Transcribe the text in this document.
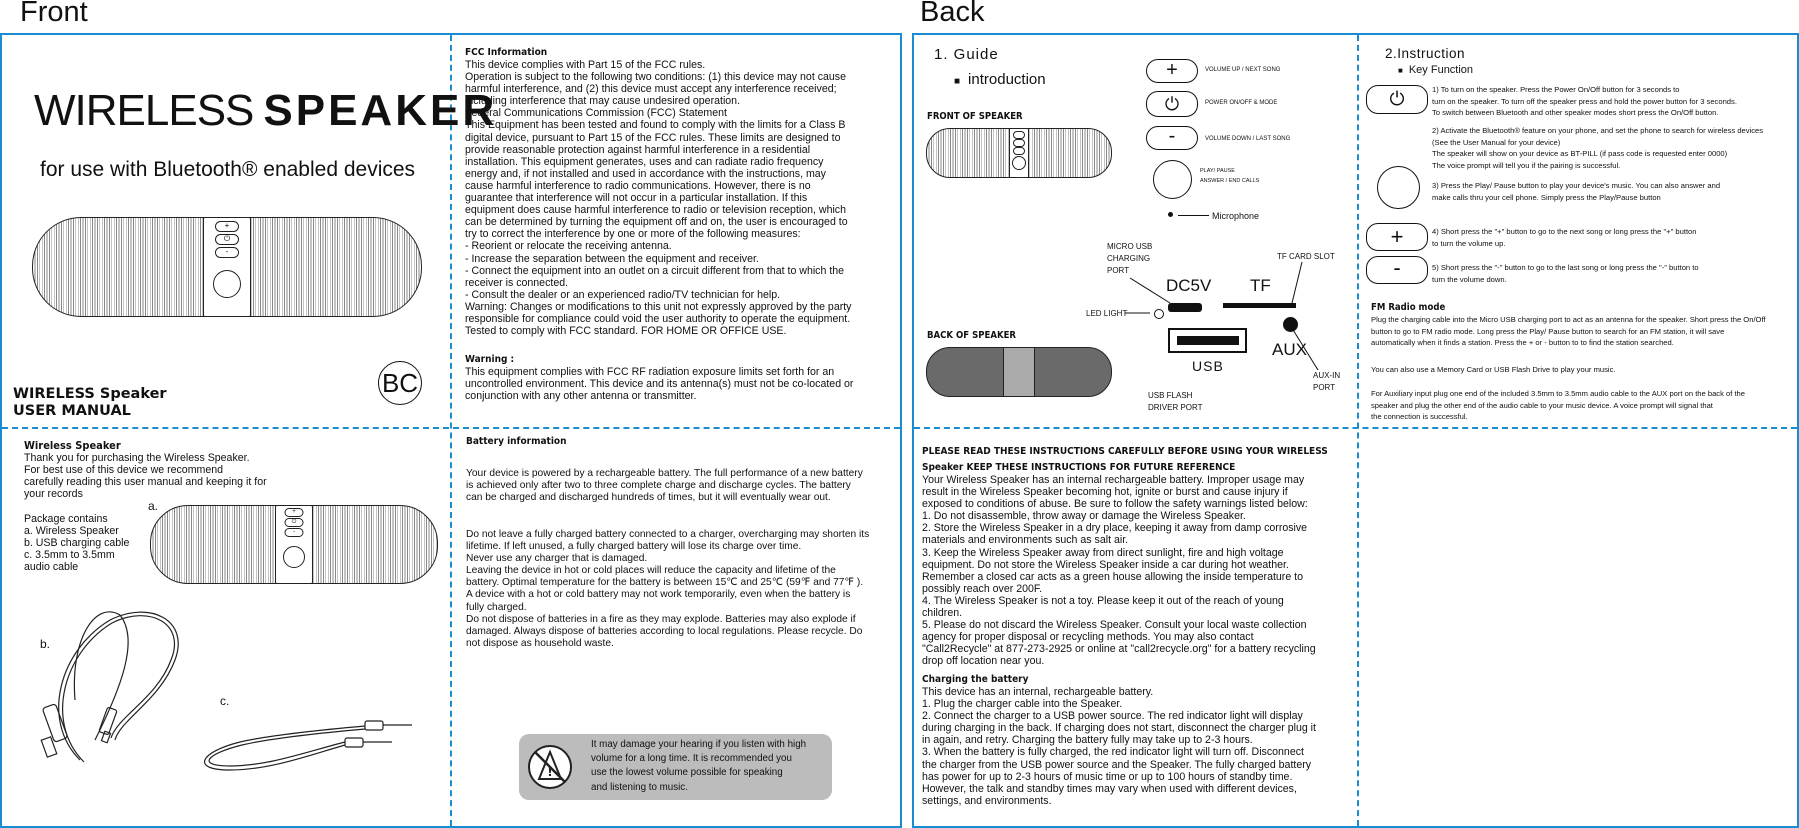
Front	Back
WIRELESS SPEAKER
for use with Bluetooth® enabled devices
+
⏻
-
WIRELESS Speaker
USER MANUAL
BC
FCC Information
This device complies with Part 15 of the FCC rules.
Operation is subject to the following two conditions: (1) this device may not cause
harmful interference, and (2) this device must accept any interference received;
including interference that may cause undesired operation.
Federal Communications Commission (FCC) Statement
This Equipment has been tested and found to comply with the limits for a Class B
digital device, pursuant to Part 15 of the FCC rules. These limits are designed to
provide reasonable protection against harmful interference in a residential
installation. This equipment generates, uses and can radiate radio frequency
energy and, if not installed and used in accordance with the instructions, may
cause harmful interference to radio communications. However, there is no
guarantee that interference will not occur in a particular installation. If this
equipment does cause harmful interference to radio or television reception, which
can be determined by turning the equipment off and on, the user is encouraged to
try to correct the interference by one or more of the following measures:
- Reorient or relocate the receiving antenna.
- Increase the separation between the equipment and receiver.
- Connect the equipment into an outlet on a circuit different from that to which the
receiver is connected.
- Consult the dealer or an experienced radio/TV technician for help.
Warning: Changes or modifications to this unit not expressly approved by the party
responsible for compliance could void the user authority to operate the equipment.
Tested to comply with FCC standard. FOR HOME OR OFFICE USE.
Warning :
This equipment complies with FCC RF radiation exposure limits set forth for an
uncontrolled environment. This device and its antenna(s) must not be co-located or
conjunction with any other antenna or transmitter.
Wireless Speaker
Thank you for purchasing the Wireless Speaker.
For best use of this device we recommend
carefully reading this user manual and keeping it for
your records
Package contains
a. Wireless Speaker
b. USB charging cable
c. 3.5mm to 3.5mm
audio cable
a.	+
⏻
-
b.
c.
Battery information
Your device is powered by a rechargeable battery. The full performance of a new battery
is achieved only after two to three complete charge and discharge cycles. The battery
can be charged and discharged hundreds of times, but it will eventually wear out.
Do not leave a fully charged battery connected to a charger, overcharging may shorten its
lifetime. If left unused, a fully charged battery will lose its charge over time.
Never use any charger that is damaged.
Leaving the device in hot or cold places will reduce the capacity and lifetime of the
battery. Optimal temperature for the battery is between 15℃ and 25℃ (59℉ and 77℉ ).
A device with a hot or cold battery may not work temporarily, even when the battery is
fully charged.
Do not dispose of batteries in a fire as they may explode. Batteries may also explode if
damaged. Always dispose of batteries according to local regulations. Please recycle. Do
not dispose as household waste.
!
It may damage your hearing if you listen with high
volume for a long time. It is recommended you
use the lowest volume possible for speaking
and listening to music.
1. Guide
■ introduction
FRONT OF SPEAKER
+
⏻
-
VOLUME UP / NEXT SONG
POWER ON/OFF & MODE
VOLUME DOWN / LAST SONG
PLAY/ PAUSE
ANSWER / END CALLS
Microphone
MICRO USB
CHARGING
PORT
TF CARD SLOT
DC5V TF
LED LIGHT
USB
AUX
USB FLASH
DRIVER PORT
AUX-IN
PORT
BACK OF SPEAKER
2.Instruction
■ Key Function
⏻
+
-
1) To turn on the speaker. Press the Power On/Off button for 3 seconds to
turn on the speaker. To turn off the speaker press and hold the power button for 3 seconds.
To switch between Bluetooth and other speaker modes short press the On/Off button.
2) Activate the Bluetooth® feature on your phone, and set the phone to search for wireless devices
(See the User Manual for your device)
The speaker will show on your device as BT-PILL (if pass code is requested enter 0000)
The voice prompt will tell you if the pairing is successful.
3) Press the Play/ Pause button to play your device's music. You can also answer and
make calls thru your cell phone. Simply press the Play/Pause button
4) Short press the "+" button to go to the next song or long press the "+" button
to turn the volume up.
5) Short press the "-" button to go to the last song or long press the "-" button to
turn the volume down.
FM Radio mode
Plug the charging cable into the Micro USB charging port to act as an antenna for the speaker. Short press the On/Off
button to go to FM radio mode. Long press the Play/ Pause button to search for an FM station, it will save
automatically when it finds a station. Press the + or - button to to find the station searched.
You can also use a Memory Card or USB Flash Drive to play your music.
For Auxiliary input plug one end of the included 3.5mm to 3.5mm audio cable to the AUX port on the back of the
speaker and plug the other end of the audio cable to your music device. A voice prompt will signal that
the connection is successful.
PLEASE READ THESE INSTRUCTIONS CAREFULLY BEFORE USING YOUR WIRELESS
Speaker KEEP THESE INSTRUCTIONS FOR FUTURE REFERENCE
Your Wireless Speaker has an internal rechargeable battery. Improper usage may
result in the Wireless Speaker becoming hot, ignite or burst and cause injury if
exposed to conditions of abuse. Be sure to follow the safety warnings listed below:
1. Do not disassemble, throw away or damage the Wireless Speaker.
2. Store the Wireless Speaker in a dry place, keeping it away from damp corrosive
materials and environments such as salt air.
3. Keep the Wireless Speaker away from direct sunlight, fire and high voltage
equipment. Do not store the Wireless Speaker inside a car during hot weather.
Remember a closed car acts as a green house allowing the inside temperature to
possibly reach over 200F.
4. The Wireless Speaker is not a toy. Please keep it out of the reach of young
children.
5. Please do not discard the Wireless Speaker. Consult your local waste collection
agency for proper disposal or recycling methods. You may also contact
"Call2Recycle" at 877-273-2925 or online at "call2recycle.org" for a battery recycling
drop off location near you.
Charging the battery
This device has an internal, rechargeable battery.
1. Plug the charger cable into the Speaker.
2. Connect the charger to a USB power source. The red indicator light will display
during charging in the back. If charging does not start, disconnect the charger plug it
in again, and retry. Charging the battery fully may take up to 2-3 hours.
3. When the battery is fully charged, the red indicator light will turn off. Disconnect
the charger from the USB power source and the Speaker. The fully charged battery
has power for up to 2-3 hours of music time or up to 100 hours of standby time.
However, the talk and standby times may vary when used with different devices,
settings, and environments.
